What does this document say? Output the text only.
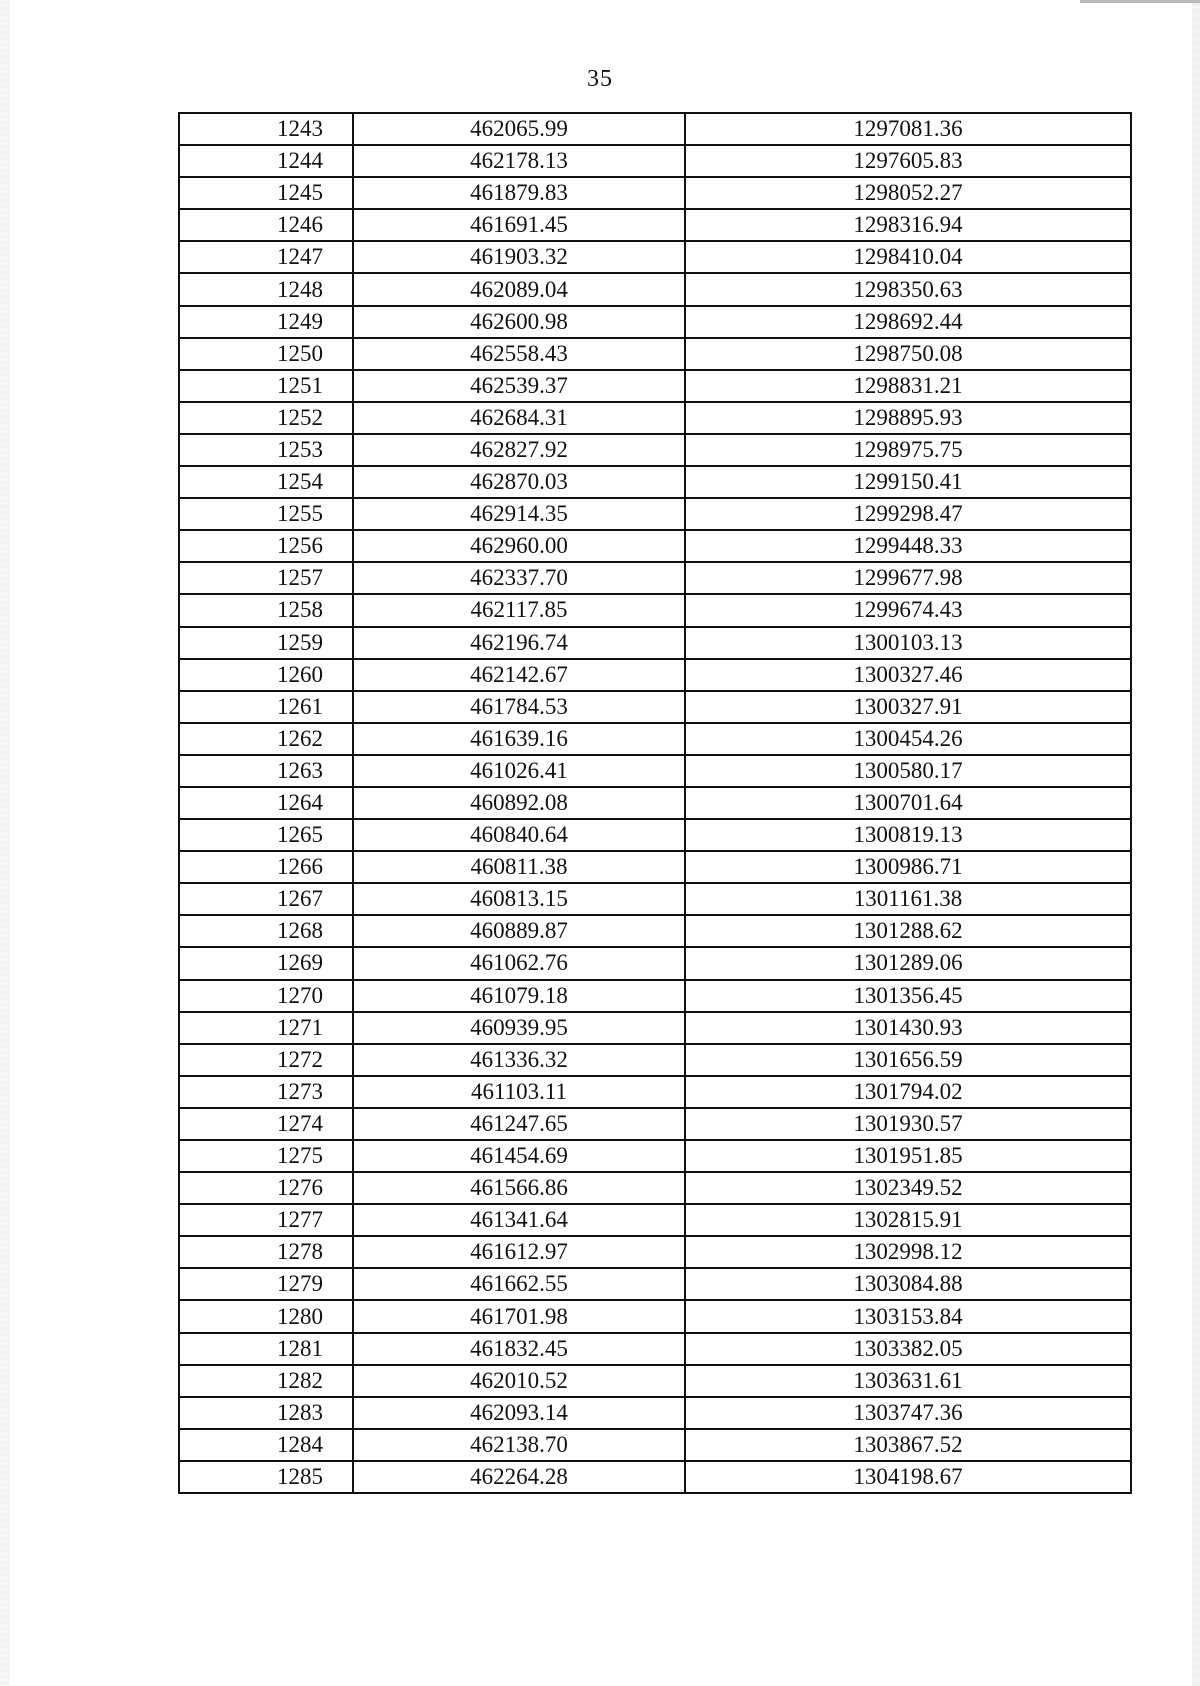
35
1243	462065.99	1297081.36
1244	462178.13	1297605.83
1245	461879.83	1298052.27
1246	461691.45	1298316.94
1247	461903.32	1298410.04
1248	462089.04	1298350.63
1249	462600.98	1298692.44
1250	462558.43	1298750.08
1251	462539.37	1298831.21
1252	462684.31	1298895.93
1253	462827.92	1298975.75
1254	462870.03	1299150.41
1255	462914.35	1299298.47
1256	462960.00	1299448.33
1257	462337.70	1299677.98
1258	462117.85	1299674.43
1259	462196.74	1300103.13
1260	462142.67	1300327.46
1261	461784.53	1300327.91
1262	461639.16	1300454.26
1263	461026.41	1300580.17
1264	460892.08	1300701.64
1265	460840.64	1300819.13
1266	460811.38	1300986.71
1267	460813.15	1301161.38
1268	460889.87	1301288.62
1269	461062.76	1301289.06
1270	461079.18	1301356.45
1271	460939.95	1301430.93
1272	461336.32	1301656.59
1273	461103.11	1301794.02
1274	461247.65	1301930.57
1275	461454.69	1301951.85
1276	461566.86	1302349.52
1277	461341.64	1302815.91
1278	461612.97	1302998.12
1279	461662.55	1303084.88
1280	461701.98	1303153.84
1281	461832.45	1303382.05
1282	462010.52	1303631.61
1283	462093.14	1303747.36
1284	462138.70	1303867.52
1285	462264.28	1304198.67
